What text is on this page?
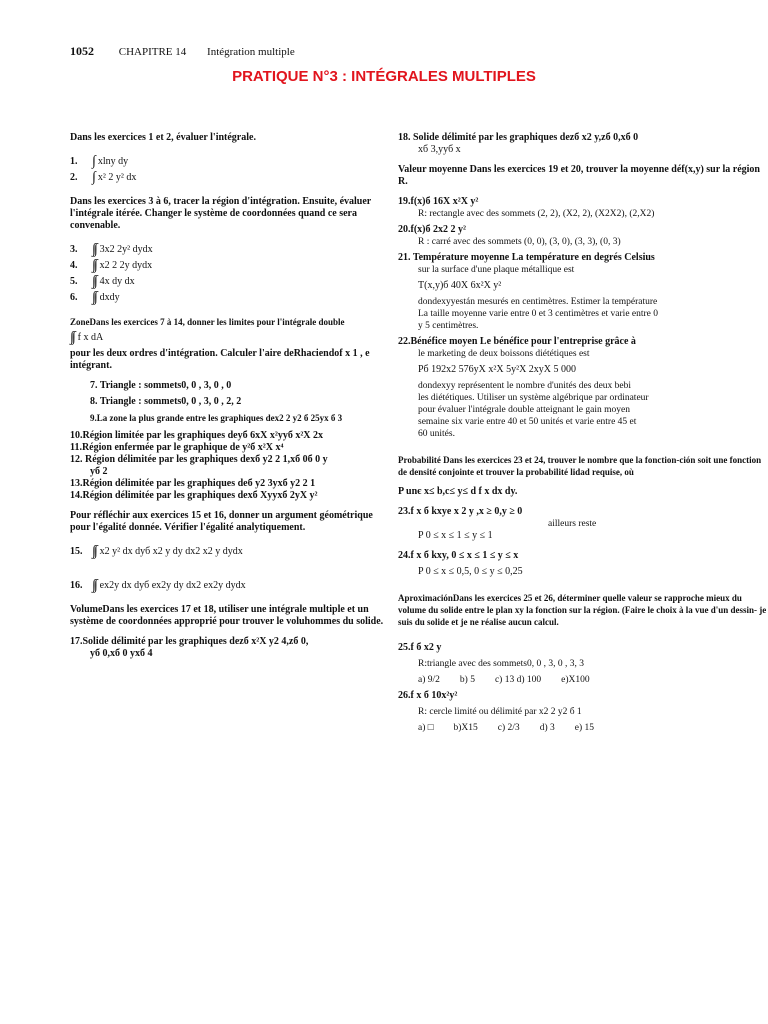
1052 CHAPITRE 14 Intégration multiple
PRATIQUE N°3 : INTÉGRALES MULTIPLES

Dans les exercices 1 et 2, évaluer l'intégrale.

1.	∫ xlny dy
2.	∫ x² 2 y² dx

Dans les exercices 3 à 6, tracer la région d'intégration. Ensuite, évaluer l'intégrale itérée. Changer le système de coordonnées quand ce sera convenable.

3.	∫∫ 3x2 2y² dydx
4.	∫∫ x2 2 2y dydx
5.	∫∫ 4x dy dx
6.	∫∫ dxdy

ZoneDans les exercices 7 à 14, donner les limites pour l'intégrale double

∫∫ f x dA

pour les deux ordres d'intégration. Calculer l'aire deRhaciendof x 1 , e intégrant.

7. Triangle : sommets0, 0 , 3, 0 , 0

8. Triangle : sommets0, 0 , 3, 0 , 2, 2

9.La zone la plus grande entre les graphiques dex2 2 y2 б 25yx б 3

10.Région limitée par les graphiques deyб 6xX x²yyб x²X 2x

11.Région enfermée par le graphique de y²б x²X x⁴

12. Région délimitée par les graphiques dexб y2 2 1,xб 0б 0 y

yб 2

13.Région délimitée par les graphiques deб y2 3yxб y2 2 1

14.Région délimitée par les graphiques dexб Xyyxб 2yX y²

Pour réfléchir aux exercices 15 et 16, donner un argument géométrique pour l'égalité donnée. Vérifier l'égalité analytiquement.

15. ∫∫ x2 y² dx dyб x2 y dy dx2 x2 y dydx
16. ∫∫ ex2y dx dyб ex2y dy dx2 ex2y dydx

VolumeDans les exercices 17 et 18, utiliser une intégrale multiple et un système de coordonnées approprié pour trouver le voluhommes du solide.

17.Solide délimité par les graphiques dezб x²X y2 4,zб 0,

yб 0,xб 0 yxб 4

18. Solide délimité par les graphiques dezб x2 y,zб 0,xб 0

xб 3,yyб x

Valeur moyenne Dans les exercices 19 et 20, trouver la moyenne déf(x,y) sur la région R.

19.f(x)б 16X x²X y²

R: rectangle avec des sommets (2, 2), (X2, 2), (X2X2), (2,X2)

20.f(x)б 2x2 2 y²

R : carré avec des sommets (0, 0), (3, 0), (3, 3), (0, 3)

21. Température moyenne La température en degrés Celsius

sur la surface d'une plaque métallique est

T(x,y)б 40X 6x²X y²

dondexyyestán mesurés en centimètres. Estimer la température

La taille moyenne varie entre 0 et 3 centimètres et varie entre 0

y 5 centimètres.

22.Bénéfice moyen Le bénéfice pour l'entreprise grâce à

le marketing de deux boissons diététiques est

Pб 192x2 576yX x²X 5y²X 2xyX 5 000

dondexyy représentent le nombre d'unités des deux bebi

les diététiques. Utiliser un système algébrique par ordinateur

pour évaluer l'intégrale double atteignant le gain moyen

semaine six varie entre 40 et 50 unités et varie entre 45 et

60 unités.

Probabilité Dans les exercices 23 et 24, trouver le nombre que la fonction-ción soit une fonction de densité conjointe et trouver la probabilité lidad requise, où

P unє x≤ b,c≤ y≤ d f x dx dy.

23.f x б kxye x 2 y ,x ≥ 0,y ≥ 0

ailleurs reste

P 0 ≤ x ≤ 1 ≤ y ≤ 1

24.f x б kxy, 0 ≤ x ≤ 1 ≤ y ≤ x

P 0 ≤ x ≤ 0,5, 0 ≤ y ≤ 0,25

AproximaciónDans les exercices 25 et 26, déterminer quelle valeur se rapproche mieux du volume du solide entre le plan xy la fonction sur la région. (Faire le choix à la vue d'un dessin- je suis du solide et je ne réalise aucun calcul.

25.f б x2 y

R:triangle avec des sommets0, 0 , 3, 0 , 3, 3

a) 9/2 b) 5 c) 13 d) 100 e)X100

26.f x б 10x²y²

R: cercle limité ou délimité par x2 2 y2 б 1

a) □ b)X15 c) 2/3 d) 3 e) 15
